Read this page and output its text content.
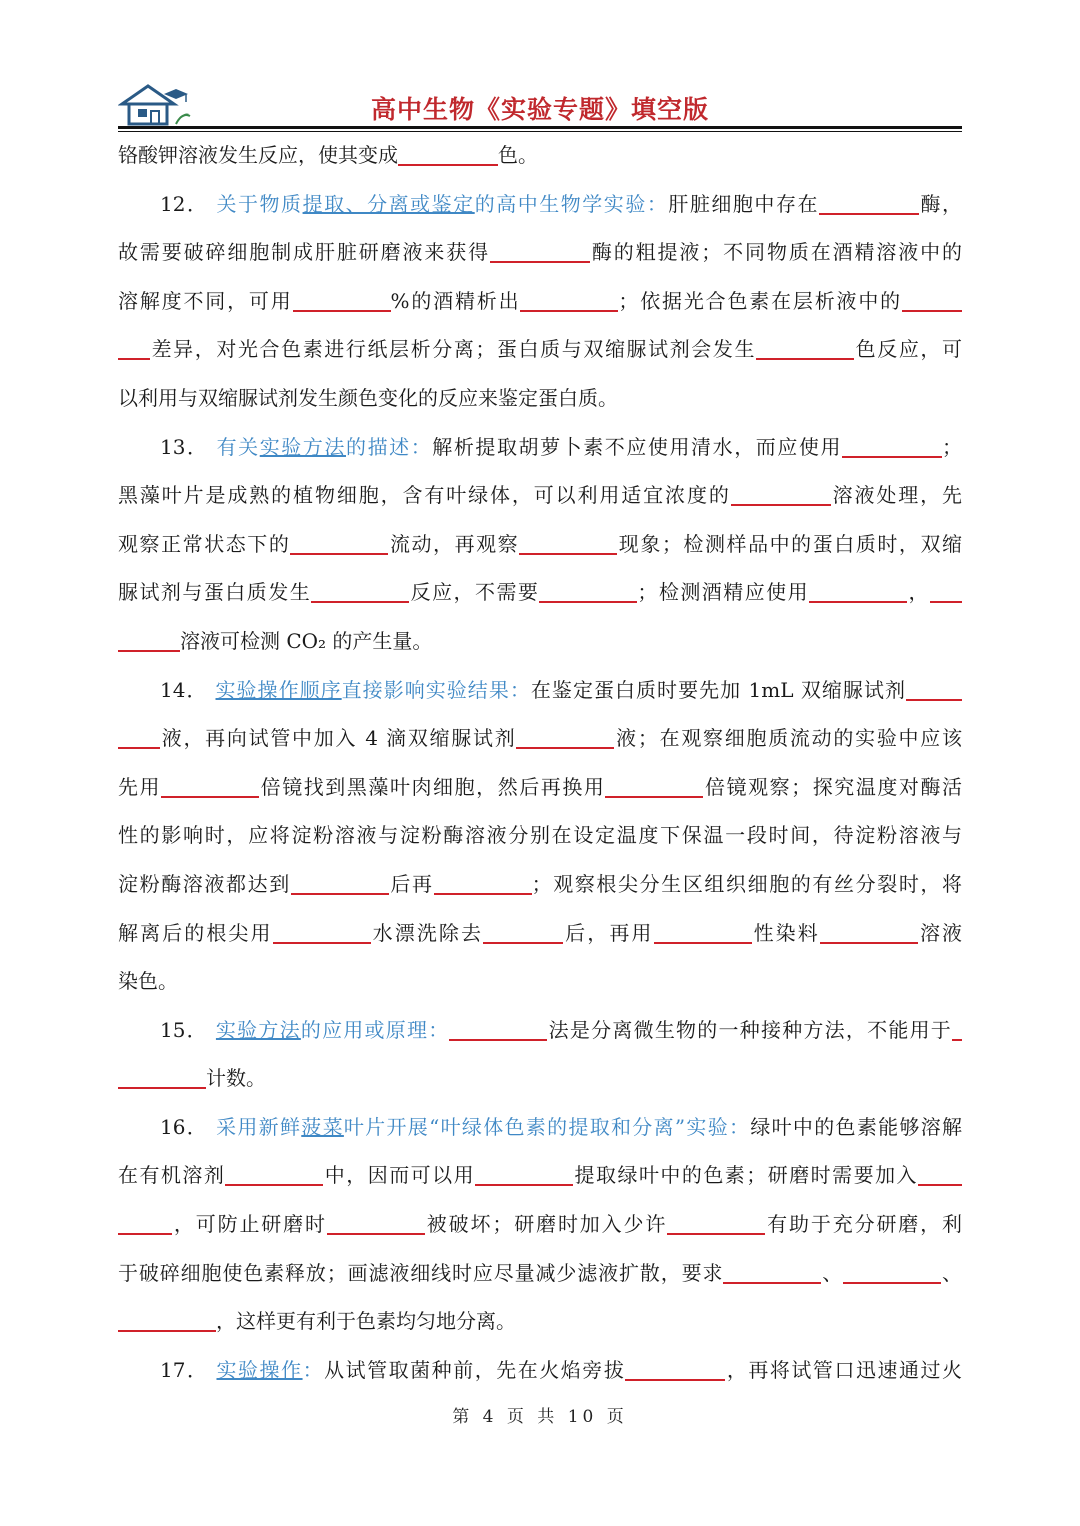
高中生物《实验专题》填空版
铬酸钾溶液发生反应，使其变成	色。
12． 关于物质提取、分离或鉴定的高中生物学实验：肝脏细胞中存在	酶，
故需要破碎细胞制成肝脏研磨液来获得	酶的粗提液；不同物质在酒精溶液中的
溶解度不同，可用	%的酒精析出	；依据光合色素在层析液中的
差异，对光合色素进行纸层析分离；蛋白质与双缩脲试剂会发生	色反应，可
以利用与双缩脲试剂发生颜色变化的反应来鉴定蛋白质。
13． 有关实验方法的描述：解析提取胡萝卜素不应使用清水，而应使用	；
黑藻叶片是成熟的植物细胞，含有叶绿体，可以利用适宜浓度的	溶液处理，先
观察正常状态下的	流动，再观察	现象；检测样品中的蛋白质时，双缩
脲试剂与蛋白质发生	反应，不需要	；检测酒精应使用	，
溶液可检测 CO₂ 的产生量。
14． 实验操作顺序直接影响实验结果：在鉴定蛋白质时要先加 1mL 双缩脲试剂
液，再向试管中加入 4 滴双缩脲试剂	液；在观察细胞质流动的实验中应该
先用	倍镜找到黑藻叶肉细胞，然后再换用	倍镜观察；探究温度对酶活
性的影响时，应将淀粉溶液与淀粉酶溶液分别在设定温度下保温一段时间，待淀粉溶液与
淀粉酶溶液都达到	后再	；观察根尖分生区组织细胞的有丝分裂时，将
解离后的根尖用	水漂洗除去	后，再用	性染料	溶液
染色。
15． 实验方法的应用或原理：	法是分离微生物的一种接种方法，不能用于
计数。
16． 采用新鲜菠菜叶片开展“叶绿体色素的提取和分离”实验：绿叶中的色素能够溶解
在有机溶剂	中，因而可以用	提取绿叶中的色素；研磨时需要加入
，可防止研磨时	被破坏；研磨时加入少许	有助于充分研磨，利
于破碎细胞使色素释放；画滤液细线时应尽量减少滤液扩散，要求	、	、
，这样更有利于色素均匀地分离。
17． 实验操作：从试管取菌种前，先在火焰旁拔	，再将试管口迅速通过火
第 4 页 共 10 页
